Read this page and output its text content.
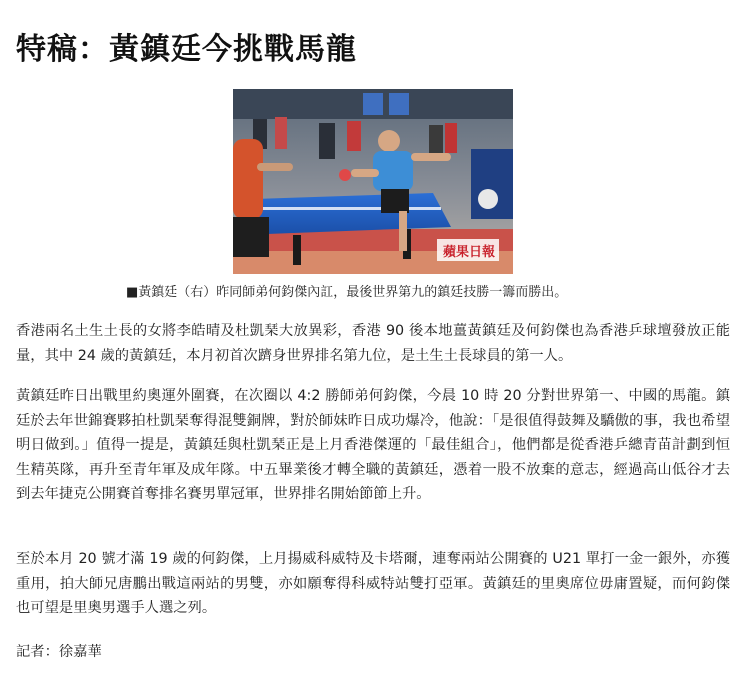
特稿：黃鎮廷今挑戰馬龍
蘋果日報
■黃鎮廷（右）昨同師弟何鈞傑內訌，最後世界第九的鎮廷技勝一籌而勝出。

香港兩名土生土長的女將李皓晴及杜凱琹大放異彩，香港 90 後本地薑黃鎮廷及何鈞傑也為香港乒球壇發放正能量，其中 24 歲的黃鎮廷，本月初首次躋身世界排名第九位，是土生土長球員的第一人。

黃鎮廷昨日出戰里約奧運外圍賽，在次圈以 4:2 勝師弟何鈞傑，今晨 10 時 20 分對世界第一、中國的馬龍。鎮廷於去年世錦賽夥拍杜凱琹奪得混雙銅牌，對於師妹昨日成功爆冷，他說：「是很值得鼓舞及驕傲的事，我也希望明日做到。」值得一提是，黃鎮廷與杜凱琹正是上月香港傑運的「最佳組合」，他們都是從香港乒總青苗計劃到恒生精英隊，再升至青年軍及成年隊。中五畢業後才轉全職的黃鎮廷，憑着一股不放棄的意志，經過高山低谷才去到去年捷克公開賽首奪排名賽男單冠軍，世界排名開始節節上升。

至於本月 20 號才滿 19 歲的何鈞傑，上月揚威科威特及卡塔爾，連奪兩站公開賽的 U21 單打一金一銀外，亦獲重用，拍大師兄唐鵬出戰這兩站的男雙，亦如願奪得科威特站雙打亞軍。黃鎮廷的里奧席位毋庸置疑，而何鈞傑也可望是里奧男選手人選之列。

記者：徐嘉華
